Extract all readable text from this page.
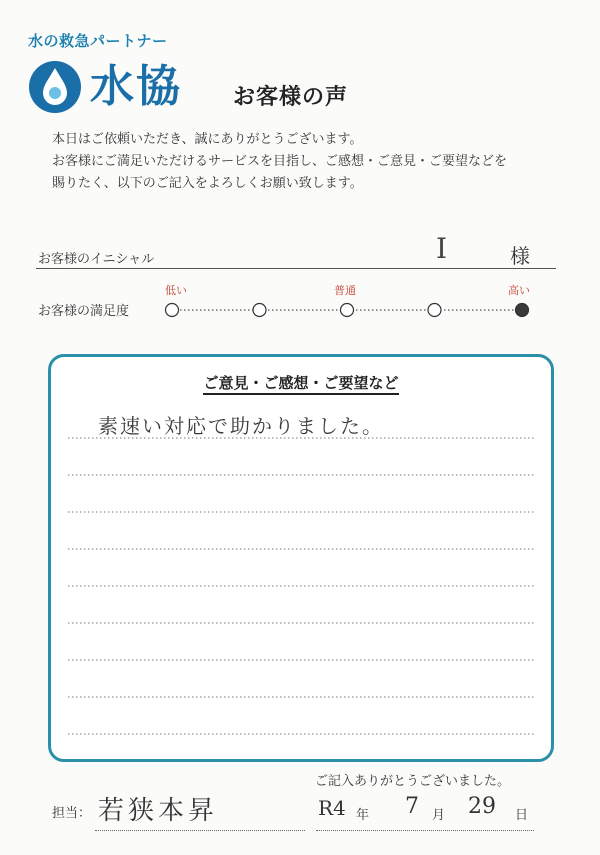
水の救急パートナー
水協 お客様の声
本日はご依頼いただき、誠にありがとうございます。
お客様にご満足いただけるサービスを目指し、ご感想・ご意見・ご要望などを
賜りたく、以下のご記入をよろしくお願い致します。
お客様のイニシャル	I	様
お客様の満足度
低い	普通	高い
ご意見・ご感想・ご要望など
素速い対応で助かりました。
ご記入ありがとうございました。
担当： 若狭本昇	R4 年 7 月 29 日
